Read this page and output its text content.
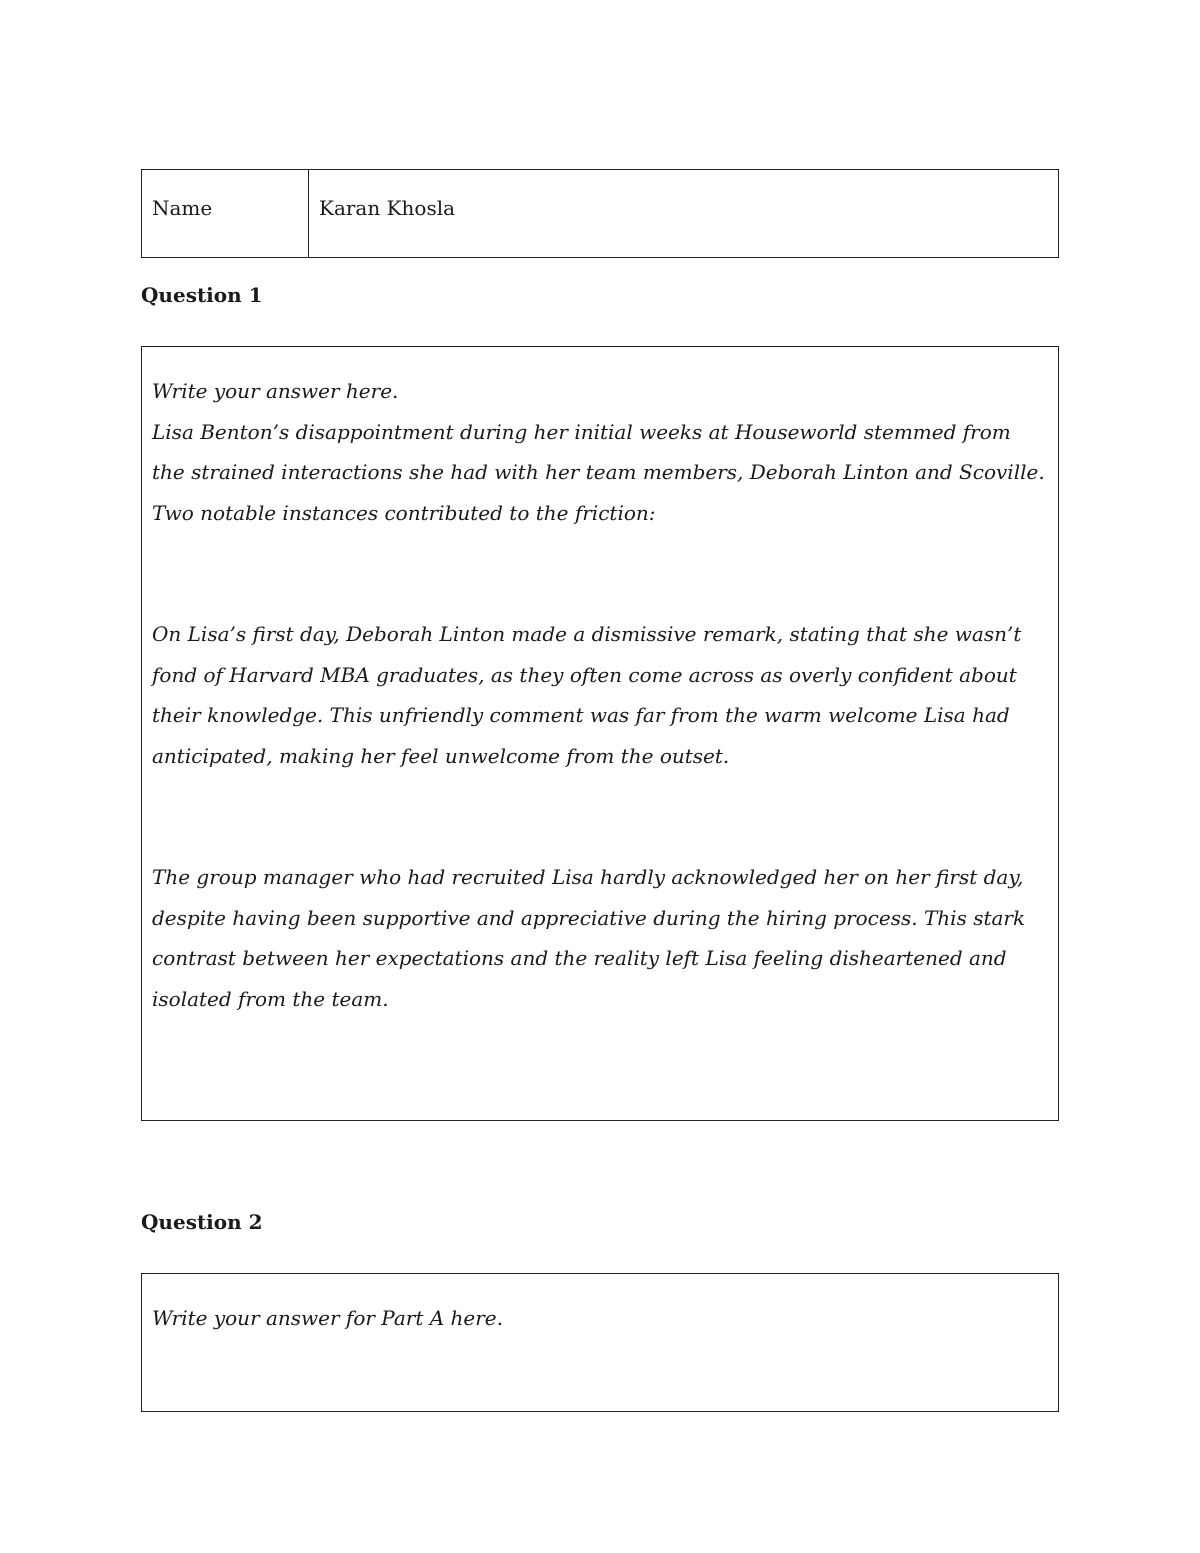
Name	Karan Khosla
Question 1

Write your answer here.

Lisa Benton’s disappointment during her initial weeks at Houseworld stemmed from the strained interactions she had with her team members, Deborah Linton and Scoville. Two notable instances contributed to the friction:

On Lisa’s first day, Deborah Linton made a dismissive remark, stating that she wasn’t fond of Harvard MBA graduates, as they often come across as overly confident about their knowledge. This unfriendly comment was far from the warm welcome Lisa had anticipated, making her feel unwelcome from the outset.

The group manager who had recruited Lisa hardly acknowledged her on her first day, despite having been supportive and appreciative during the hiring process. This stark contrast between her expectations and the reality left Lisa feeling disheartened and isolated from the team.

Question 2

Write your answer for Part A here.
